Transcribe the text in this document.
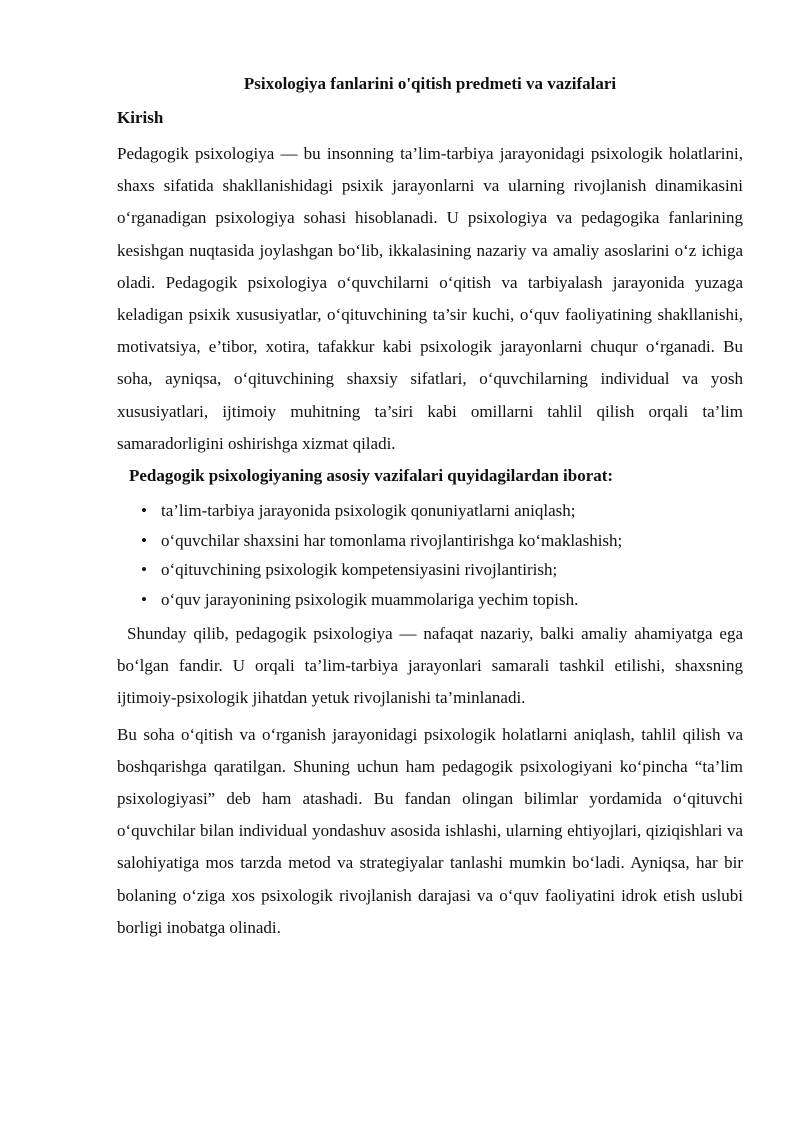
Psixologiya fanlarini o'qitish predmeti va vazifalari
Kirish

Pedagogik psixologiya — bu insonning ta’lim-tarbiya jarayonidagi psixologik holatlarini, shaxs sifatida shakllanishidagi psixik jarayonlarni va ularning rivojlanish dinamikasini o‘rganadigan psixologiya sohasi hisoblanadi. U psixologiya va pedagogika fanlarining kesishgan nuqtasida joylashgan bo‘lib, ikkalasining nazariy va amaliy asoslarini o‘z ichiga oladi. Pedagogik psixologiya o‘quvchilarni o‘qitish va tarbiyalash jarayonida yuzaga keladigan psixik xususiyatlar, o‘qituvchining ta’sir kuchi, o‘quv faoliyatining shakllanishi, motivatsiya, e’tibor, xotira, tafakkur kabi psixologik jarayonlarni chuqur o‘rganadi. Bu soha, ayniqsa, o‘qituvchining shaxsiy sifatlari, o‘quvchilarning individual va yosh xususiyatlari, ijtimoiy muhitning ta’siri kabi omillarni tahlil qilish orqali ta’lim samaradorligini oshirishga xizmat qiladi.

Pedagogik psixologiyaning asosiy vazifalari quyidagilardan iborat:
• ta’lim-tarbiya jarayonida psixologik qonuniyatlarni aniqlash;
• o‘quvchilar shaxsini har tomonlama rivojlantirishga ko‘maklashish;
• o‘qituvchining psixologik kompetensiyasini rivojlantirish;
• o‘quv jarayonining psixologik muammolariga yechim topish.

Shunday qilib, pedagogik psixologiya — nafaqat nazariy, balki amaliy ahamiyatga ega bo‘lgan fandir. U orqali ta’lim-tarbiya jarayonlari samarali tashkil etilishi, shaxsning ijtimoiy-psixologik jihatdan yetuk rivojlanishi ta’minlanadi.

Bu soha o‘qitish va o‘rganish jarayonidagi psixologik holatlarni aniqlash, tahlil qilish va boshqarishga qaratilgan. Shuning uchun ham pedagogik psixologiyani ko‘pincha “ta’lim psixologiyasi” deb ham atashadi. Bu fandan olingan bilimlar yordamida o‘qituvchi o‘quvchilar bilan individual yondashuv asosida ishlashi, ularning ehtiyojlari, qiziqishlari va salohiyatiga mos tarzda metod va strategiyalar tanlashi mumkin bo‘ladi. Ayniqsa, har bir bolaning o‘ziga xos psixologik rivojlanish darajasi va o‘quv faoliyatini idrok etish uslubi borligi inobatga olinadi.
